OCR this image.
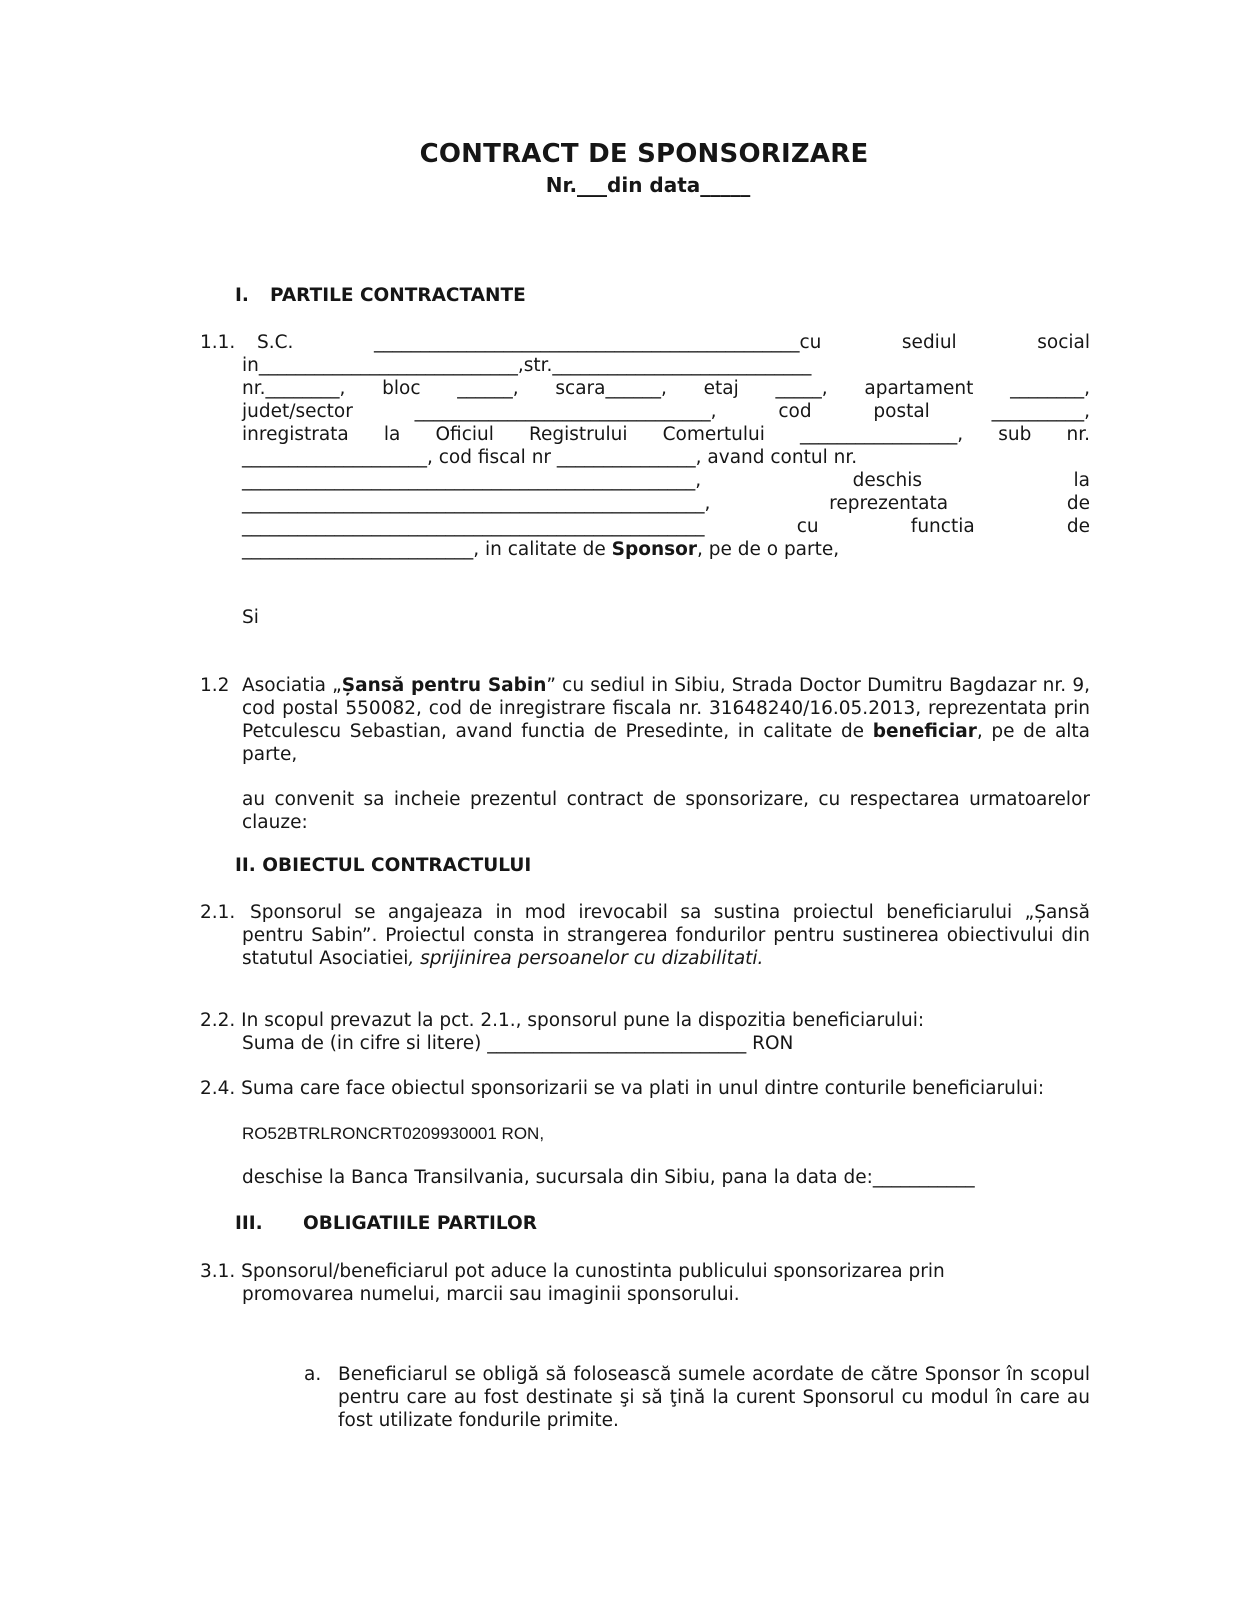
CONTRACT DE SPONSORIZARE
Nr.___din data_____
I. PARTILE CONTRACTANTE
1.1. S.C. ______________________________________________cu sediul social
in____________________________,str.____________________________
nr.________, bloc ______, scara______, etaj _____, apartament ________,
judet/sector ________________________________, cod postal __________,
inregistrata la Oficiul Registrului Comertului _________________, sub nr.
____________________, cod fiscal nr _______________, avand contul nr.
_________________________________________________, deschis la
__________________________________________________, reprezentata de
__________________________________________________ cu functia de
_________________________, in calitate de Sponsor, pe de o parte,
Si
1.2 Asociatia „Șansă pentru Sabin” cu sediul in Sibiu, Strada Doctor Dumitru Bagdazar nr. 9, cod postal 550082, cod de inregistrare fiscala nr. 31648240/16.05.2013, reprezentata prin Petculescu Sebastian, avand functia de Presedinte, in calitate de beneficiar, pe de alta parte,
au convenit sa incheie prezentul contract de sponsorizare, cu respectarea urmatoarelor clauze:
II. OBIECTUL CONTRACTULUI
2.1. Sponsorul se angajeaza in mod irevocabil sa sustina proiectul beneficiarului „Șansă pentru Sabin”. Proiectul consta in strangerea fondurilor pentru sustinerea obiectivului din statutul Asociatiei, sprijinirea persoanelor cu dizabilitati.
2.2. In scopul prevazut la pct. 2.1., sponsorul pune la dispozitia beneficiarului:
Suma de (in cifre si litere) ____________________________ RON
2.4. Suma care face obiectul sponsorizarii se va plati in unul dintre conturile beneficiarului:
RO52BTRLRONCRT0209930001 RON,
deschise la Banca Transilvania, sucursala din Sibiu, pana la data de:___________
III. OBLIGATIILE PARTILOR
3.1. Sponsorul/beneficiarul pot aduce la cunostinta publicului sponsorizarea prin
promovarea numelui, marcii sau imaginii sponsorului.
a. Beneficiarul se obligă să folosească sumele acordate de către Sponsor în scopul pentru care au fost destinate şi să ţină la curent Sponsorul cu modul în care au fost utilizate fondurile primite.
